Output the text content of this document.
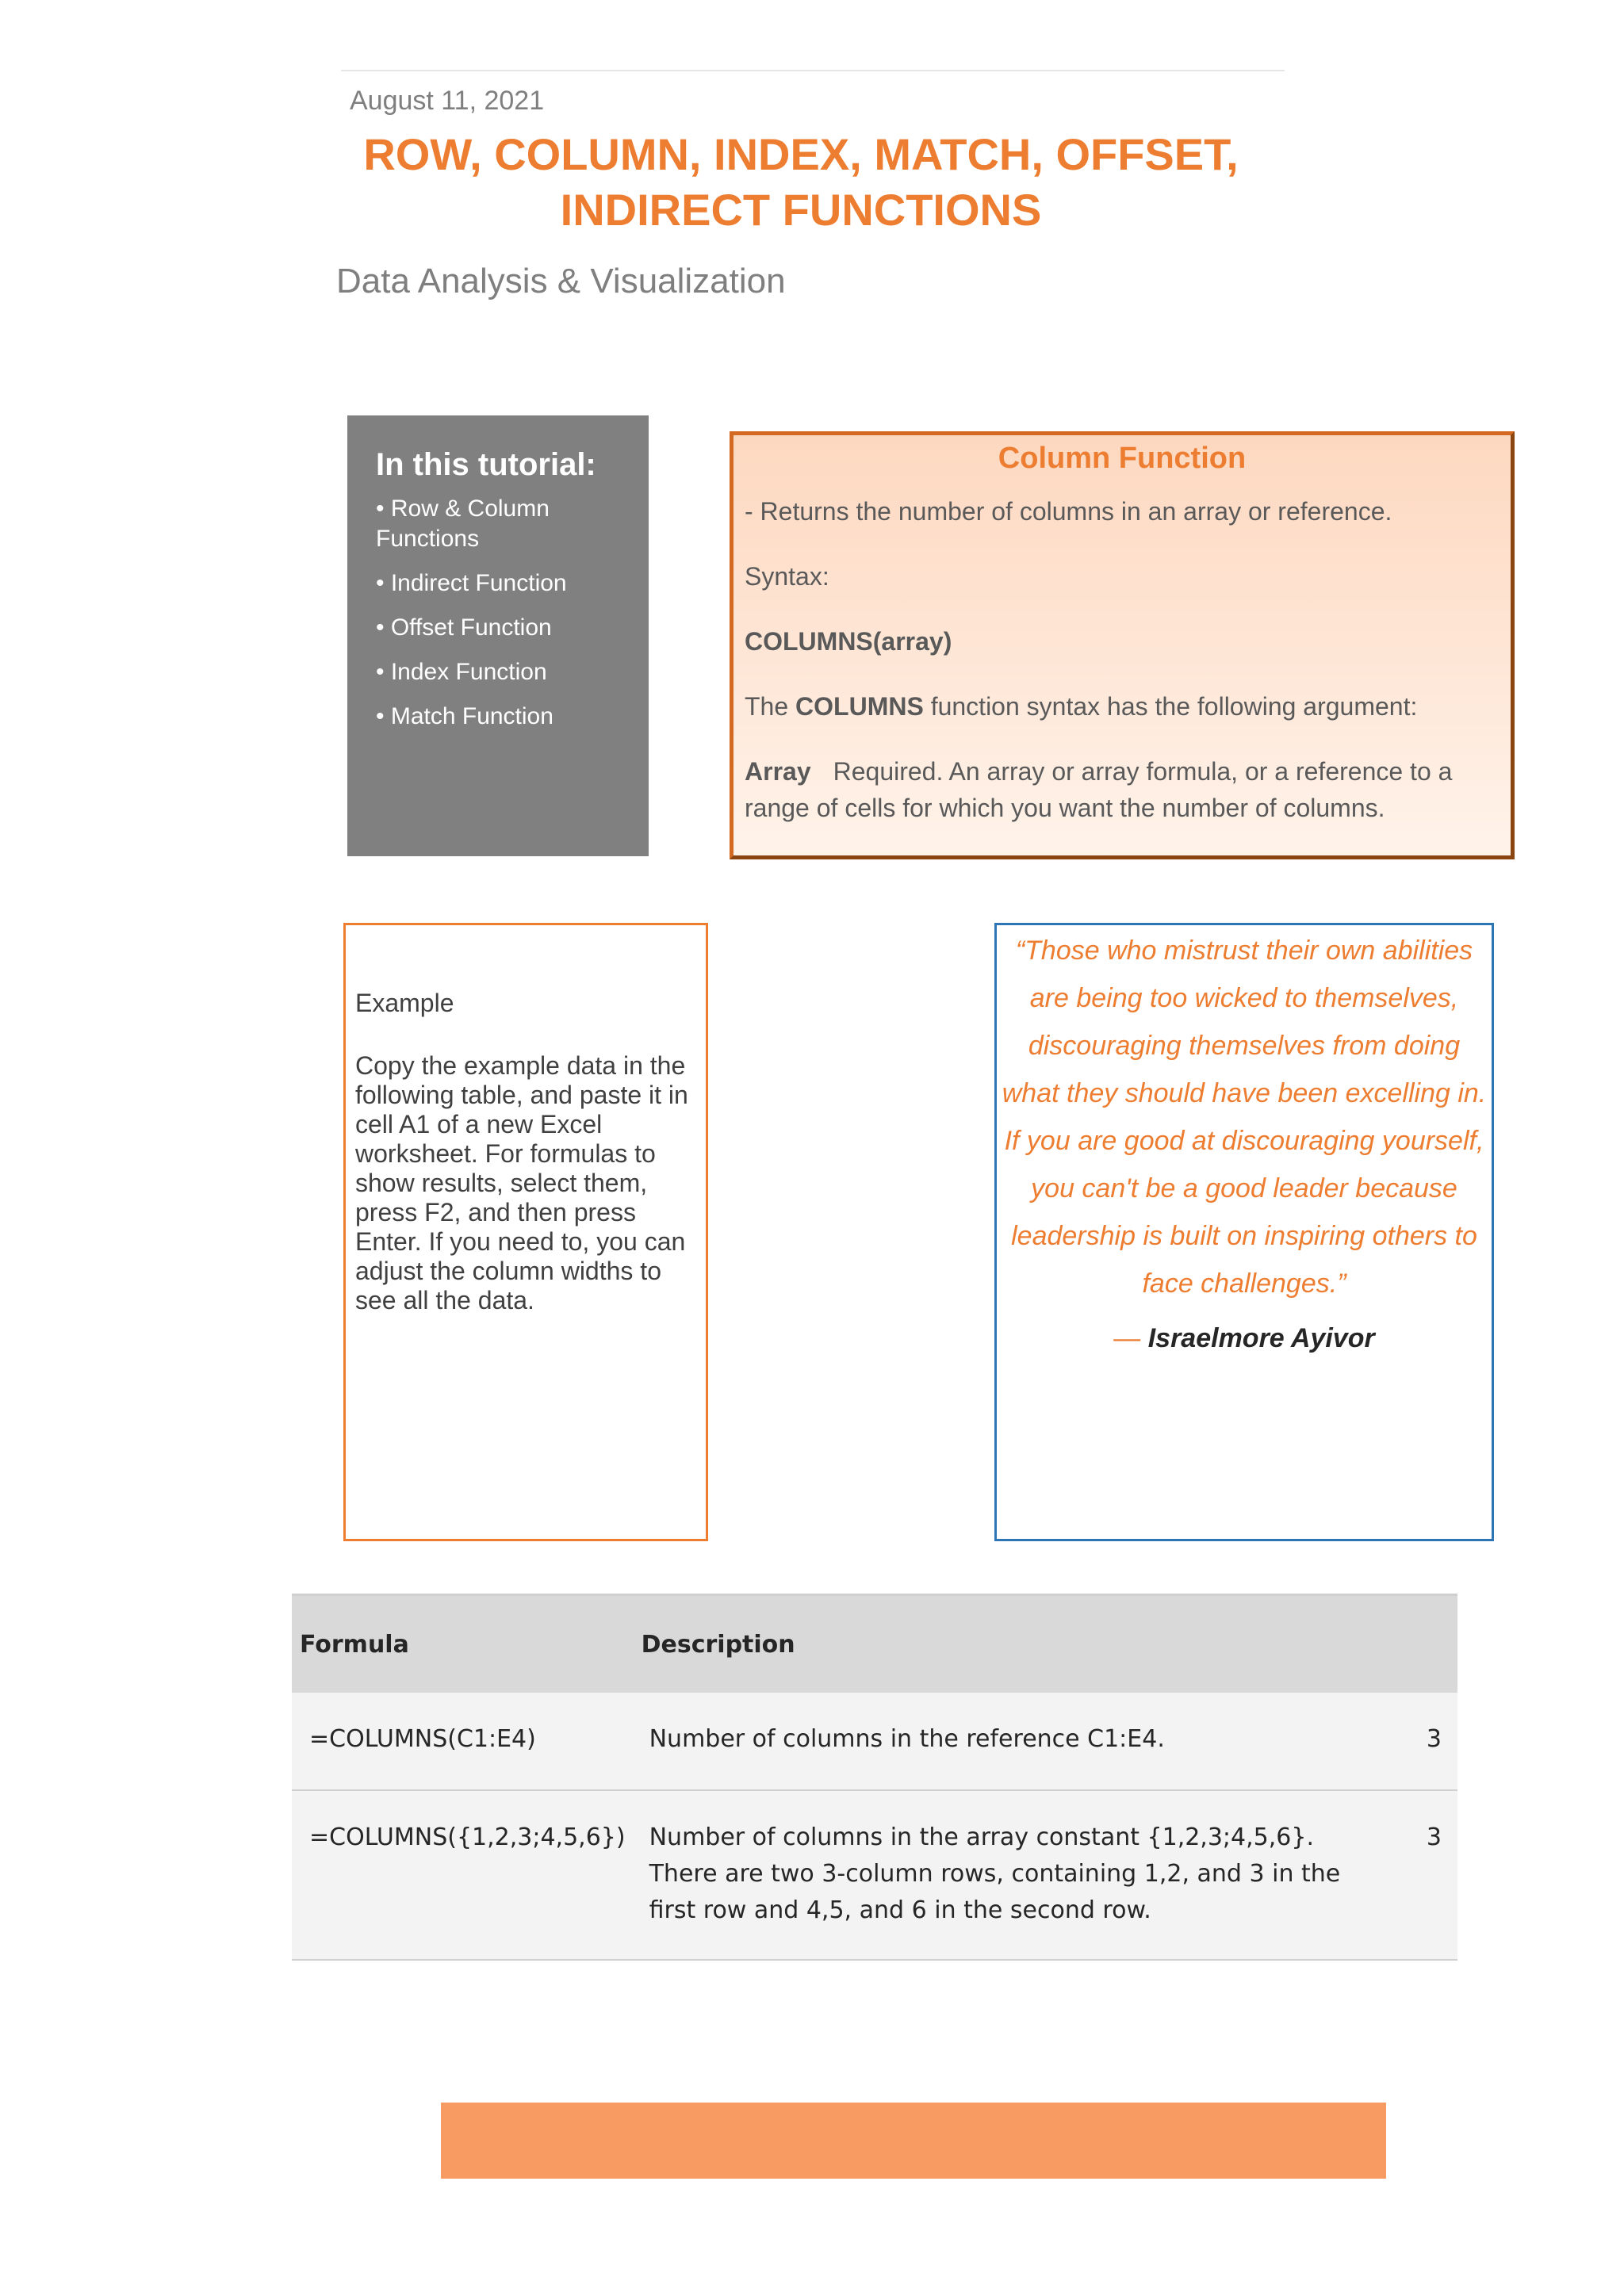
August 11, 2021
ROW, COLUMN, INDEX, MATCH, OFFSET,
INDIRECT FUNCTIONS
Data Analysis & Visualization
In this tutorial:
• Row & Column Functions
• Indirect Function
• Offset Function
• Index Function
• Match Function
Column Function

- Returns the number of columns in an array or reference.

Syntax:

COLUMNS(array)

The COLUMNS function syntax has the following argument:

Array Required. An array or array formula, or a reference to a range of cells for which you want the number of columns.

Example

Copy the example data in the following table, and paste it in cell A1 of a new Excel worksheet. For formulas to show results, select them, press F2, and then press Enter. If you need to, you can adjust the column widths to see all the data.

“Those who mistrust their own abilities are being too wicked to themselves, discouraging themselves from doing what they should have been excelling in. If you are good at discouraging yourself, you can't be a good leader because leadership is built on inspiring others to face challenges.”
― Israelmore Ayivor
Formula	Description	
=COLUMNS(C1:E4)	Number of columns in the reference C1:E4.	3
=COLUMNS({1,2,3;4,5,6})	Number of columns in the array constant {1,2,3;4,5,6}. There are two 3-column rows, containing 1,2, and 3 in the first row and 4,5, and 6 in the second row.	3
